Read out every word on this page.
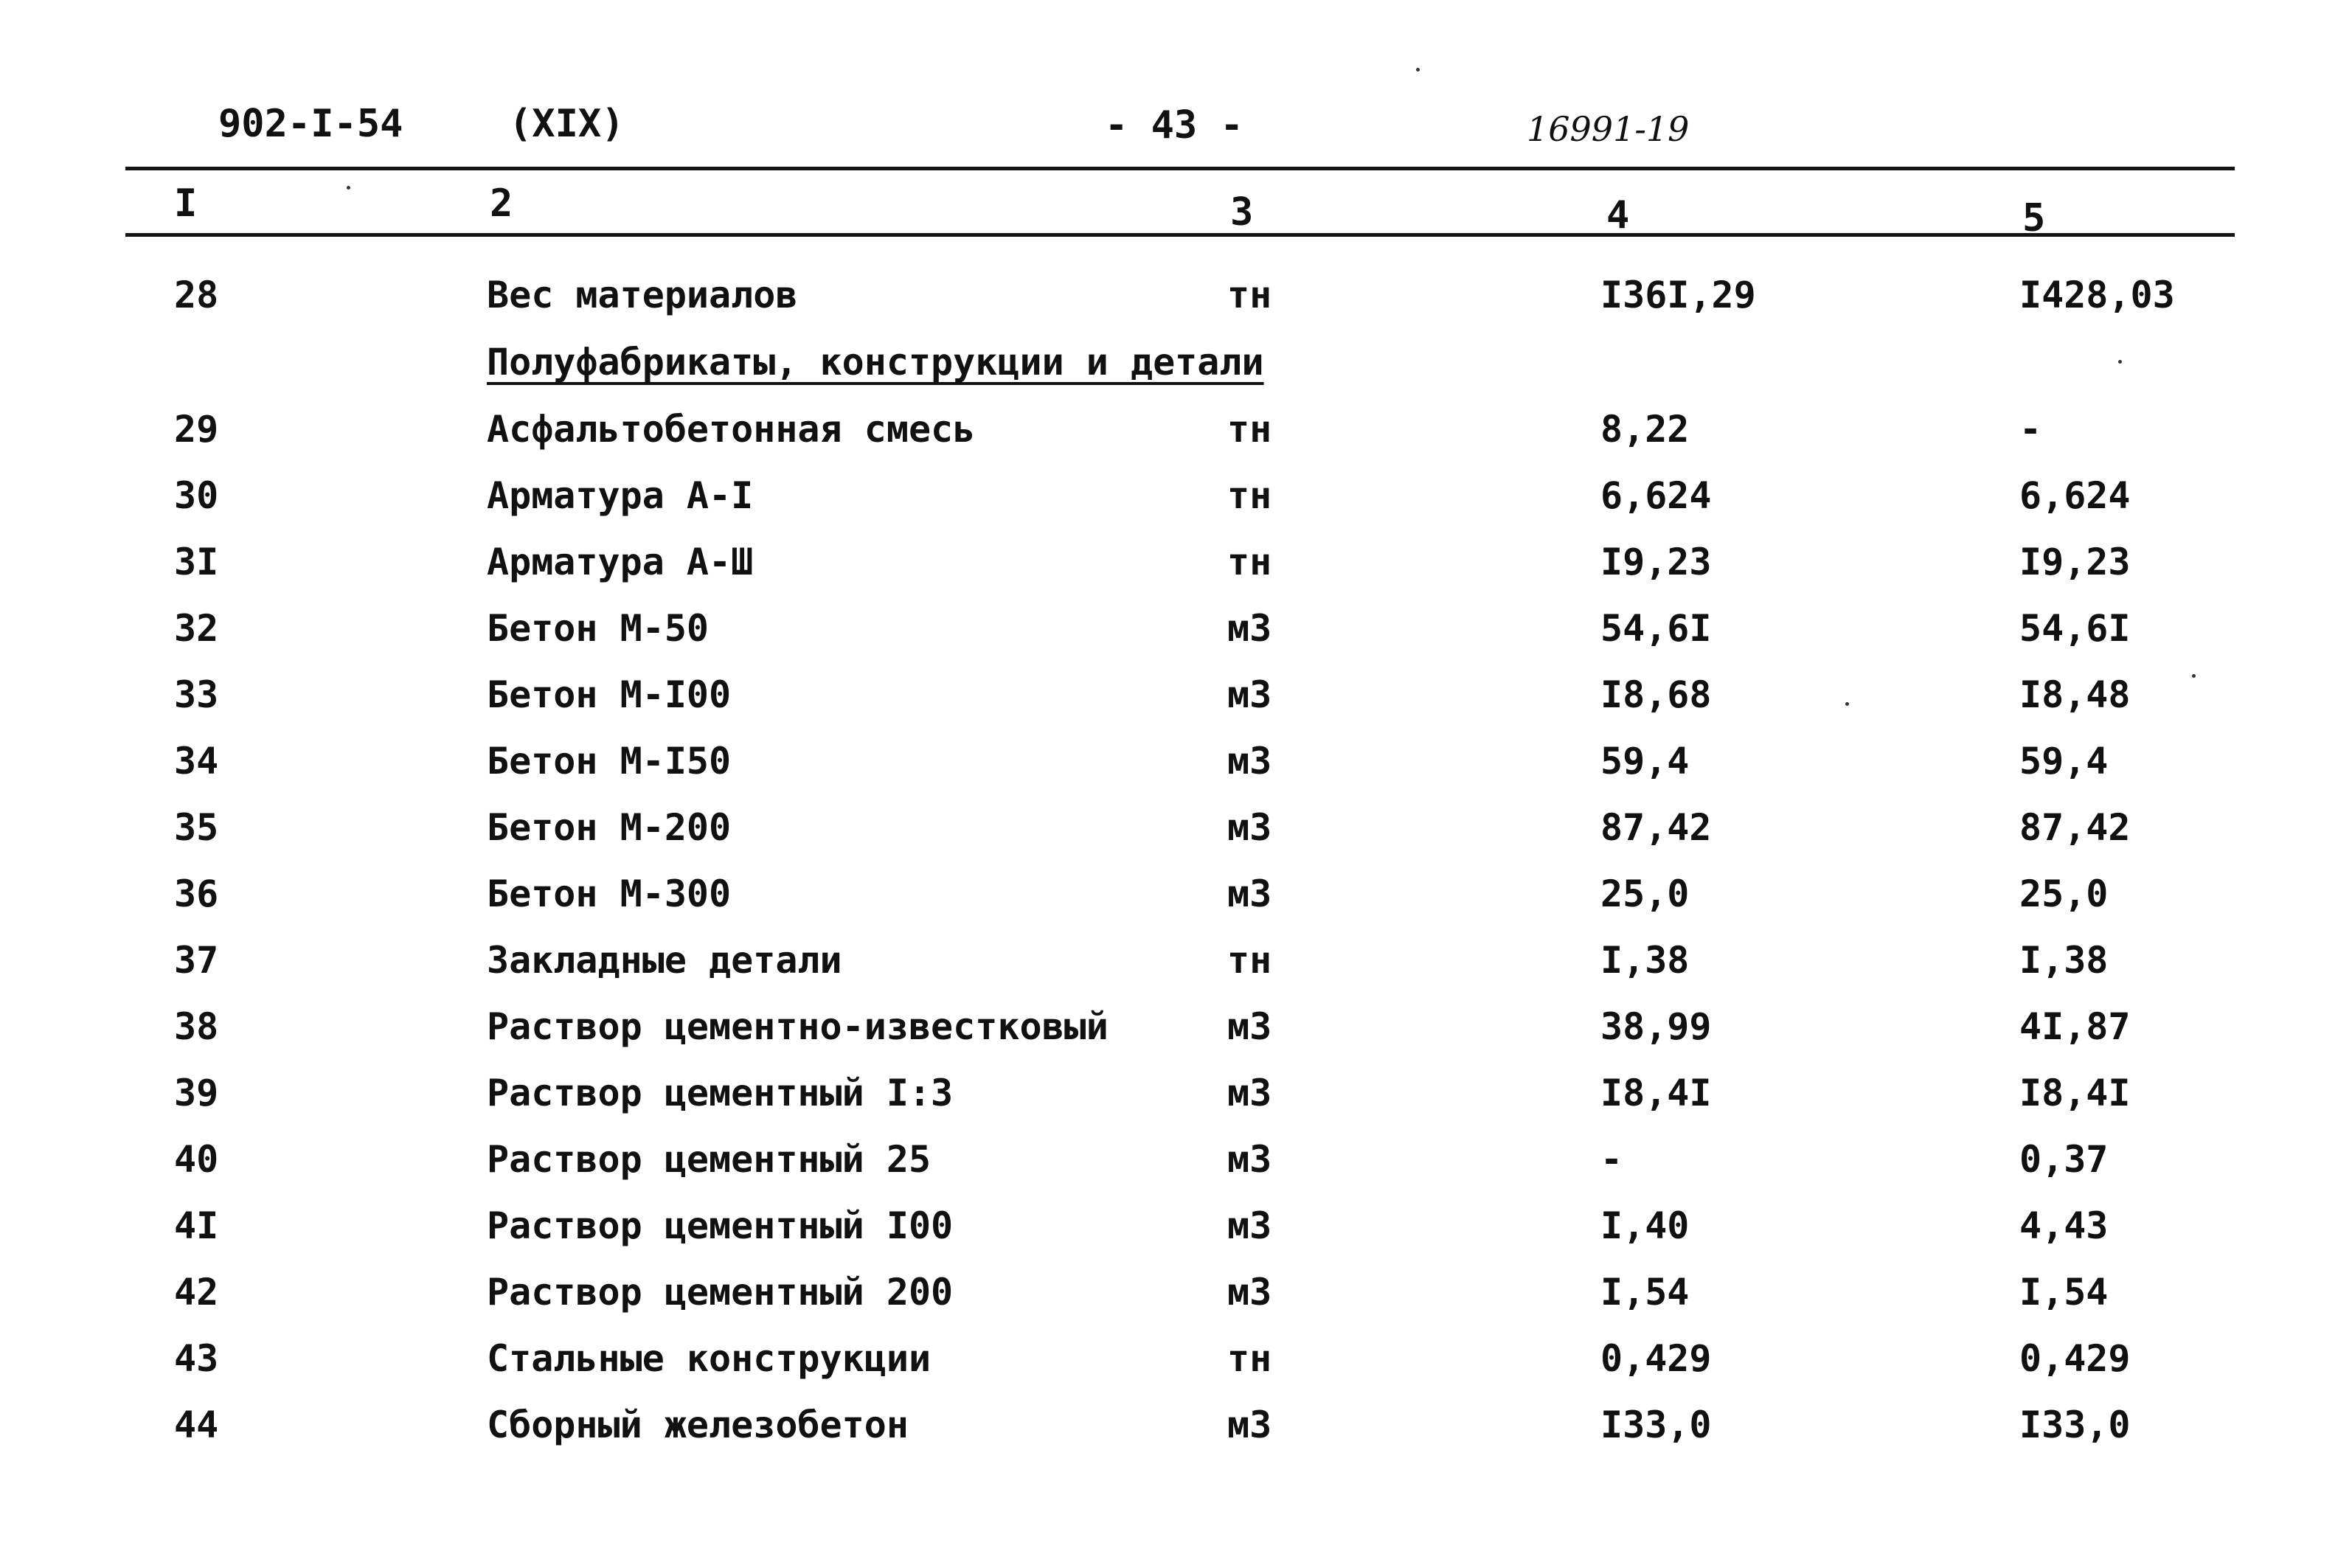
902-I-54	(XIX)	- 43 -	16991-19
I	2	3	4	5
28	Вес материалов	тн	I36I,29	I428,03
Полуфабрикаты, конструкции и детали
29	Асфальтобетонная смесь	тн	8,22	-
30	Арматура А-I	тн	6,624	6,624
3I	Арматура А-Ш	тн	I9,23	I9,23
32	Бетон М-50	м3	54,6I	54,6I
33	Бетон М-I00	м3	I8,68	I8,48
34	Бетон М-I50	м3	59,4	59,4
35	Бетон М-200	м3	87,42	87,42
36	Бетон М-300	м3	25,0	25,0
37	Закладные детали	тн	I,38	I,38
38	Раствор цементно-известковый	м3	38,99	4I,87
39	Раствор цементный I:3	м3	I8,4I	I8,4I
40	Раствор цементный 25	м3	-	0,37
4I	Раствор цементный I00	м3	I,40	4,43
42	Раствор цементный 200	м3	I,54	I,54
43	Стальные конструкции	тн	0,429	0,429
44	Сборный железобетон	м3	I33,0	I33,0
